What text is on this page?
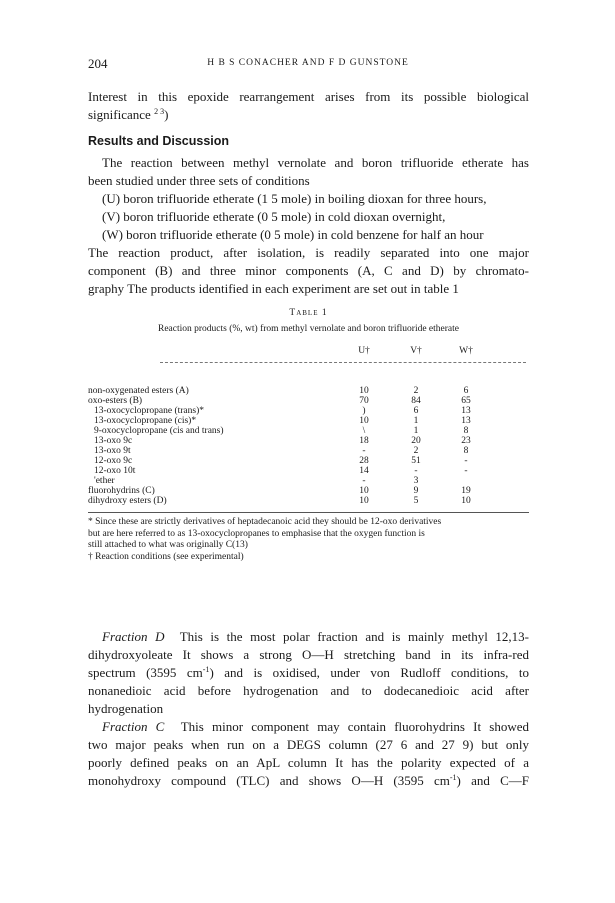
204	H B S CONACHER AND F D GUNSTONE
Interest in this epoxide rearrangement arises from its possible biological
significance $^{2 3}$)
Results and Discussion
The reaction between methyl vernolate and boron trifluoride etherate has
been studied under three sets of conditions
(U) boron trifluoride etherate (1 5 mole) in boiling dioxan for three hours,
(V) boron trifluoride etherate (0 5 mole) in cold dioxan overnight,
(W) boron trifluoride etherate (0 5 mole) in cold benzene for half an hour
The reaction product, after isolation, is readily separated into one major
component (B) and three minor components (A, C and D) by chromato-
graphy The products identified in each experiment are set out in table 1
Table 1
Reaction products (%, wt) from methyl vernolate and boron trifluoride etherate
U†	V†	W†
non-oxygenated esters (A)	10	2	6
oxo-esters (B)	70	84	65
13-oxocyclopropane (trans)*	)	6	13
13-oxocyclopropane (cis)*	10	1	13
9-oxocyclopropane (cis and trans)	\	1	8
13-oxo 9c	18	20	23
13-oxo 9t	-	2	8
12-oxo 9c	28	51	-
12-oxo 10t	14	-	-
'ether	-	3
fluorohydrins (C)	10	9	19
dihydroxy esters (D)	10	5	10
* Since these are strictly derivatives of heptadecanoic acid they should be 12-oxo derivatives
but are here referred to as 13-oxocyclopropanes to emphasise that the oxygen function is
still attached to what was originally C(13)
† Reaction conditions (see experimental)
Fraction D This is the most polar fraction and is mainly methyl 12,13-
dihydroxyoleate It shows a strong O—H stretching band in its infra-red
spectrum (3595 $cm^{-1}$) and is oxidised, under von Rudloff conditions, to
nonanedioic acid before hydrogenation and to dodecanedioic acid after
hydrogenation
Fraction C This minor component may contain fluorohydrins It showed
two major peaks when run on a DEGS column (27 6 and 27 9) but only
poorly defined peaks on an ApL column It has the polarity expected of a
monohydroxy compound (TLC) and shows O—H (3595 $cm^{-1}$) and C—F
